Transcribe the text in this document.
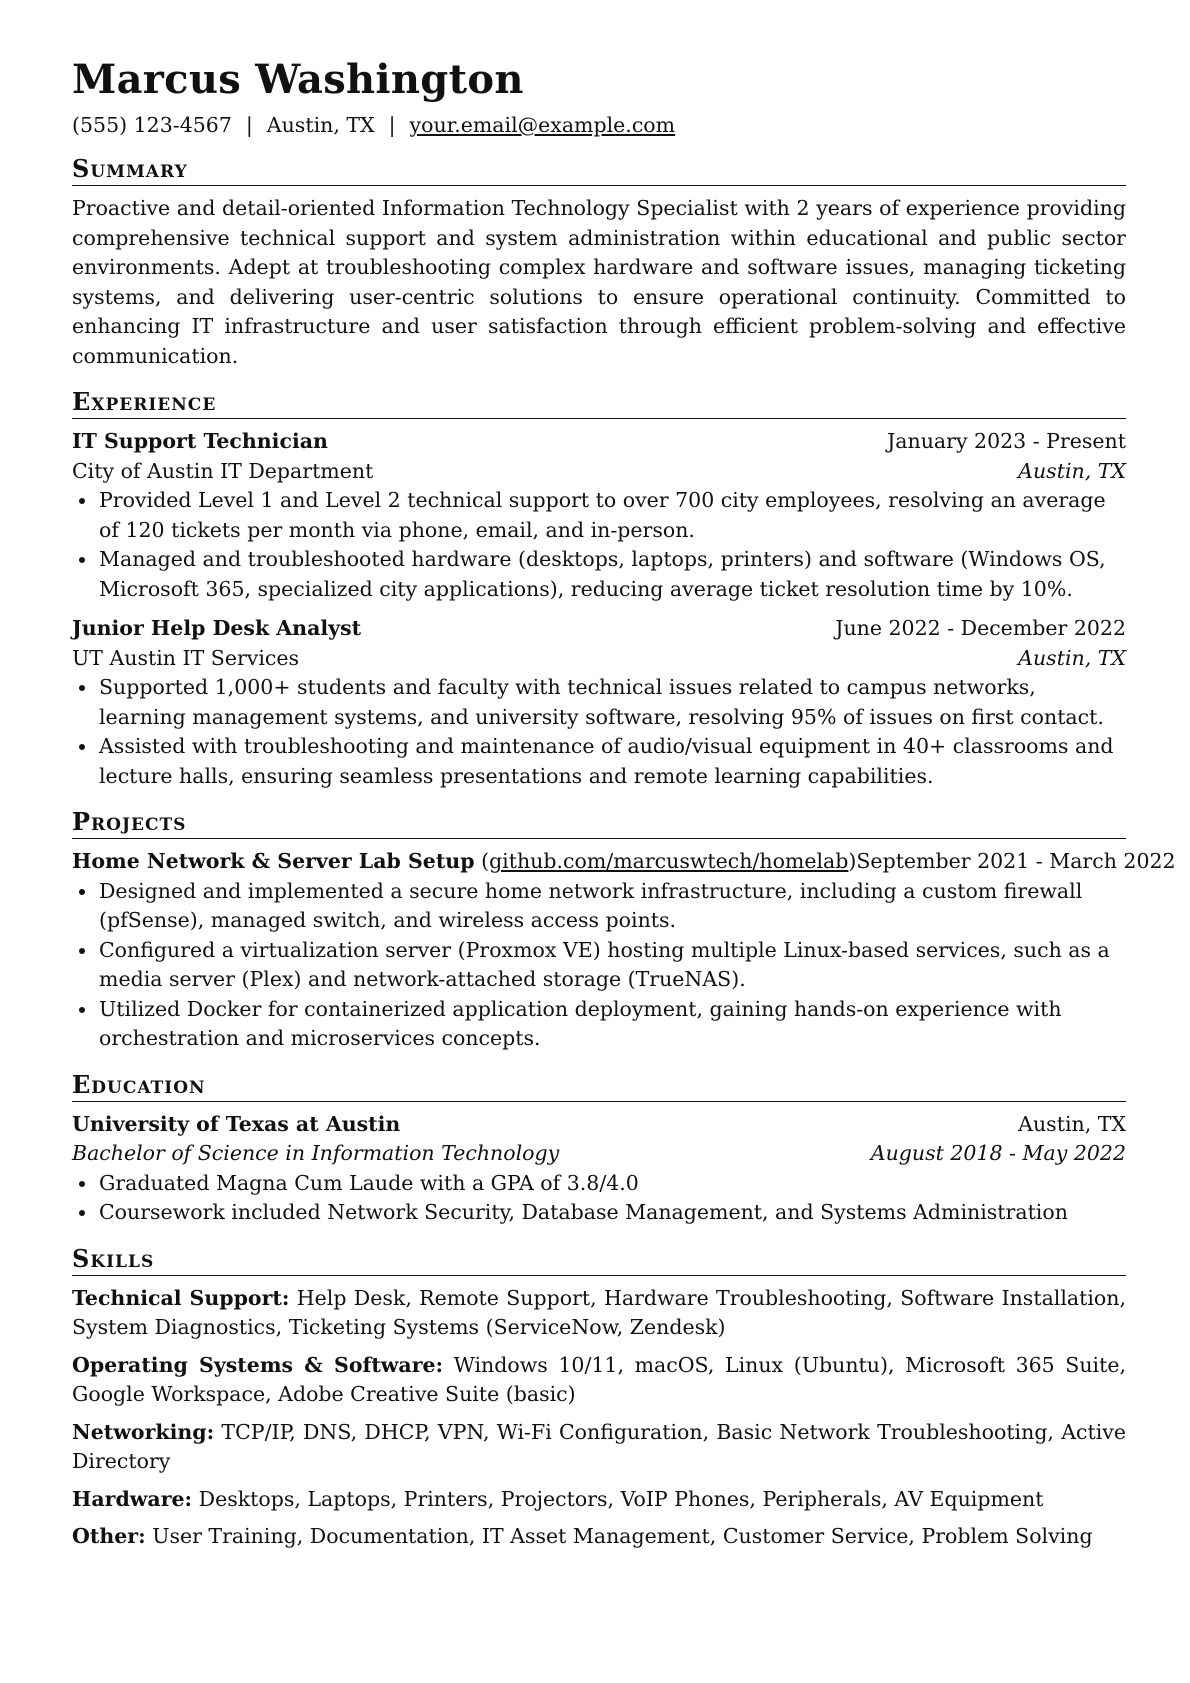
Marcus Washington
(555) 123-4567 | Austin, TX | your.email@example.com
Summary

Proactive and detail-oriented Information Technology Specialist with 2 years of experience providing comprehensive technical support and system administration within educational and public sector environments. Adept at troubleshooting complex hardware and software issues, managing ticketing systems, and delivering user-centric solutions to ensure operational continuity. Committed to enhancing IT infrastructure and user satisfaction through efficient problem-solving and effective communication.

Experience
IT Support Technician	January 2023 - Present
City of Austin IT Department	Austin, TX
Provided Level 1 and Level 2 technical support to over 700 city employees, resolving an average of 120 tickets per month via phone, email, and in-person.
Managed and troubleshooted hardware (desktops, laptops, printers) and software (Windows OS, Microsoft 365, specialized city applications), reducing average ticket resolution time by 10%.
Junior Help Desk Analyst	June 2022 - December 2022
UT Austin IT Services	Austin, TX
Supported 1,000+ students and faculty with technical issues related to campus networks, learning management systems, and university software, resolving 95% of issues on first contact.
Assisted with troubleshooting and maintenance of audio/visual equipment in 40+ classrooms and lecture halls, ensuring seamless presentations and remote learning capabilities.
Projects
Home Network & Server Lab Setup (github.com/marcuswtech/homelab) September 2021 - March 2022
Designed and implemented a secure home network infrastructure, including a custom firewall (pfSense), managed switch, and wireless access points.
Configured a virtualization server (Proxmox VE) hosting multiple Linux-based services, such as a media server (Plex) and network-attached storage (TrueNAS).
Utilized Docker for containerized application deployment, gaining hands-on experience with orchestration and microservices concepts.
Education
University of Texas at Austin	Austin, TX
Bachelor of Science in Information Technology	August 2018 - May 2022
Graduated Magna Cum Laude with a GPA of 3.8/4.0
Coursework included Network Security, Database Management, and Systems Administration
Skills

Technical Support: Help Desk, Remote Support, Hardware Troubleshooting, Software Installation, System Diagnostics, Ticketing Systems (ServiceNow, Zendesk)

Operating Systems & Software: Windows 10/11, macOS, Linux (Ubuntu), Microsoft 365 Suite, Google Workspace, Adobe Creative Suite (basic)

Networking: TCP/IP, DNS, DHCP, VPN, Wi-Fi Configuration, Basic Network Troubleshooting, Active Directory

Hardware: Desktops, Laptops, Printers, Projectors, VoIP Phones, Peripherals, AV Equipment

Other: User Training, Documentation, IT Asset Management, Customer Service, Problem Solving
